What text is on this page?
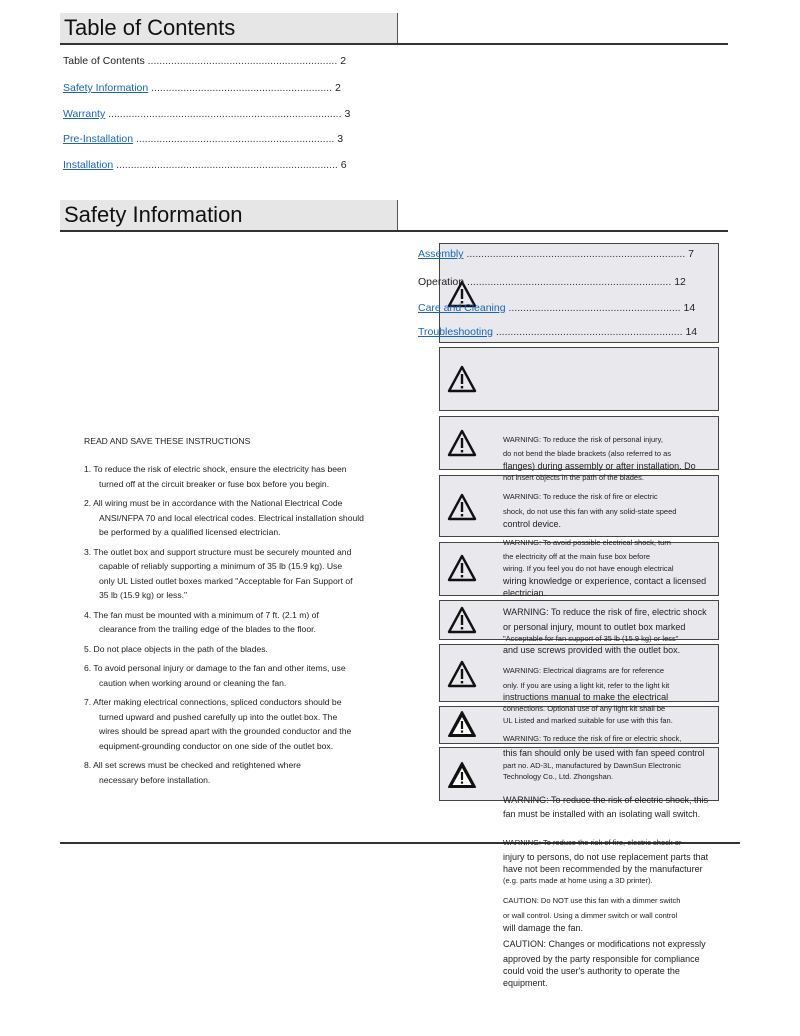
Table of Contents
Safety Information
Table of Contents ................................................................. 2
Safety Information .............................................................. 2
Warranty ................................................................................ 3
Pre-Installation .................................................................... 3
Installation ............................................................................ 6
Assembly ........................................................................... 7
Operation ...................................................................... 12
Care and Cleaning ........................................................... 14
Troubleshooting ................................................................ 14
READ AND SAVE THESE INSTRUCTIONS

1. To reduce the risk of electric shock, ensure the electricity has been

turned off at the circuit breaker or fuse box before you begin.

2. All wiring must be in accordance with the National Electrical Code

ANSI/NFPA 70 and local electrical codes. Electrical installation should

be performed by a qualified licensed electrician.

3. The outlet box and support structure must be securely mounted and

capable of reliably supporting a minimum of 35 lb (15.9 kg). Use

only UL Listed outlet boxes marked "Acceptable for Fan Support of

35 lb (15.9 kg) or less."

4. The fan must be mounted with a minimum of 7 ft. (2.1 m) of

clearance from the trailing edge of the blades to the floor.

5. Do not place objects in the path of the blades.

6. To avoid personal injury or damage to the fan and other items, use

caution when working around or cleaning the fan.

7. After making electrical connections, spliced conductors should be

turned upward and pushed carefully up into the outlet box. The

wires should be spread apart with the grounded conductor and the

equipment-grounding conductor on one side of the outlet box.

8. All set screws must be checked and retightened where

necessary before installation.

WARNING: To reduce the risk of personal injury,
do not bend the blade brackets (also referred to as
flanges) during assembly or after installation. Do
not insert objects in the path of the blades.
WARNING: To reduce the risk of fire or electric
shock, do not use this fan with any solid-state speed
control device.
WARNING: To avoid possible electrical shock, turn
the electricity off at the main fuse box before
wiring. If you feel you do not have enough electrical
wiring knowledge or experience, contact a licensed
electrician.
WARNING: To reduce the risk of fire, electric shock
or personal injury, mount to outlet box marked
"Acceptable for fan support of 35 lb (15.9 kg) or less"
and use screws provided with the outlet box.
WARNING: Electrical diagrams are for reference
only. If you are using a light kit, refer to the light kit
instructions manual to make the electrical
connections. Optional use of any light kit shall be
UL Listed and marked suitable for use with this fan.
WARNING: To reduce the risk of fire or electric shock,
this fan should only be used with fan speed control
part no. AD-3L, manufactured by DawnSun Electronic
Technology Co., Ltd. Zhongshan.
WARNING: To reduce the risk of electric shock, this
fan must be installed with an isolating wall switch.
WARNING: To reduce the risk of fire, electric shock or
injury to persons, do not use replacement parts that
have not been recommended by the manufacturer
(e.g. parts made at home using a 3D printer).
CAUTION: Do NOT use this fan with a dimmer switch
or wall control. Using a dimmer switch or wall control
will damage the fan.
CAUTION: Changes or modifications not expressly
approved by the party responsible for compliance
could void the user's authority to operate the
equipment.
